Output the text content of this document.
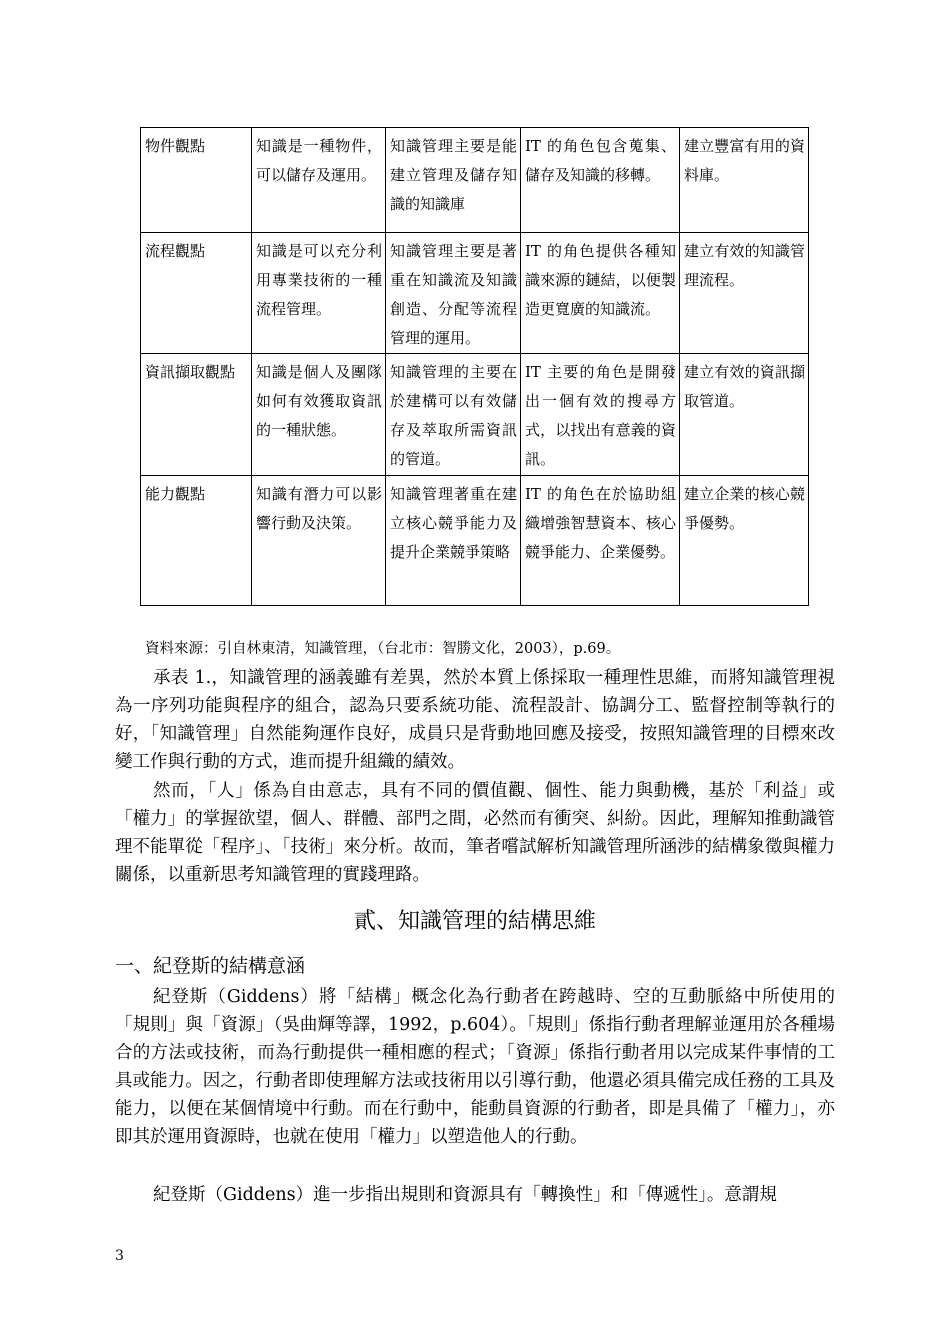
物件觀點	知識是一種物件，可以儲存及運用。	知識管理主要是能建立管理及儲存知識的知識庫	IT 的角色包含蒐集、儲存及知識的移轉。	建立豐富有用的資料庫。
流程觀點	知識是可以充分利用專業技術的一種流程管理。	知識管理主要是著重在知識流及知識創造、分配等流程管理的運用。	IT 的角色提供各種知識來源的鏈結，以便製造更寬廣的知識流。	建立有效的知識管理流程。
資訊擷取觀點	知識是個人及團隊如何有效獲取資訊的一種狀態。	知識管理的主要在於建構可以有效儲存及萃取所需資訊的管道。	IT 主要的角色是開發出一個有效的搜尋方式，以找出有意義的資訊。	建立有效的資訊擷取管道。
能力觀點	知識有潛力可以影響行動及決策。	知識管理著重在建立核心競爭能力及提升企業競爭策略	IT 的角色在於協助組織增強智慧資本、核心競爭能力、企業優勢。	建立企業的核心競爭優勢。
資料來源：引自林東清，知識管理，（台北市：智勝文化，2003），p.69。

承表 1.，知識管理的涵義雖有差異，然於本質上係採取一種理性思維，而將知識管理視為一序列功能與程序的組合，認為只要系統功能、流程設計、協調分工、監督控制等執行的好，「知識管理」自然能夠運作良好，成員只是背動地回應及接受，按照知識管理的目標來改變工作與行動的方式，進而提升組織的績效。

然而，「人」係為自由意志，具有不同的價值觀、個性、能力與動機，基於「利益」或「權力」的掌握欲望，個人、群體、部門之間，必然而有衝突、糾紛。因此，理解知推動識管理不能單從「程序」、「技術」來分析。故而，筆者嚐試解析知識管理所涵涉的結構象徵與權力關係，以重新思考知識管理的實踐理路。

貳、知識管理的結構思維
一、紀登斯的結構意涵

紀登斯（Giddens）將「結構」概念化為行動者在跨越時、空的互動脈絡中所使用的「規則」與「資源」（吳曲輝等譯，1992，p.604）。「規則」係指行動者理解並運用於各種場合的方法或技術，而為行動提供一種相應的程式；「資源」係指行動者用以完成某件事情的工具或能力。因之，行動者即使理解方法或技術用以引導行動，他還必須具備完成任務的工具及能力，以便在某個情境中行動。而在行動中，能動員資源的行動者，即是具備了「權力」，亦即其於運用資源時，也就在使用「權力」以塑造他人的行動。

紀登斯（Giddens）進一步指出規則和資源具有「轉換性」和「傳遞性」。意謂規

3
